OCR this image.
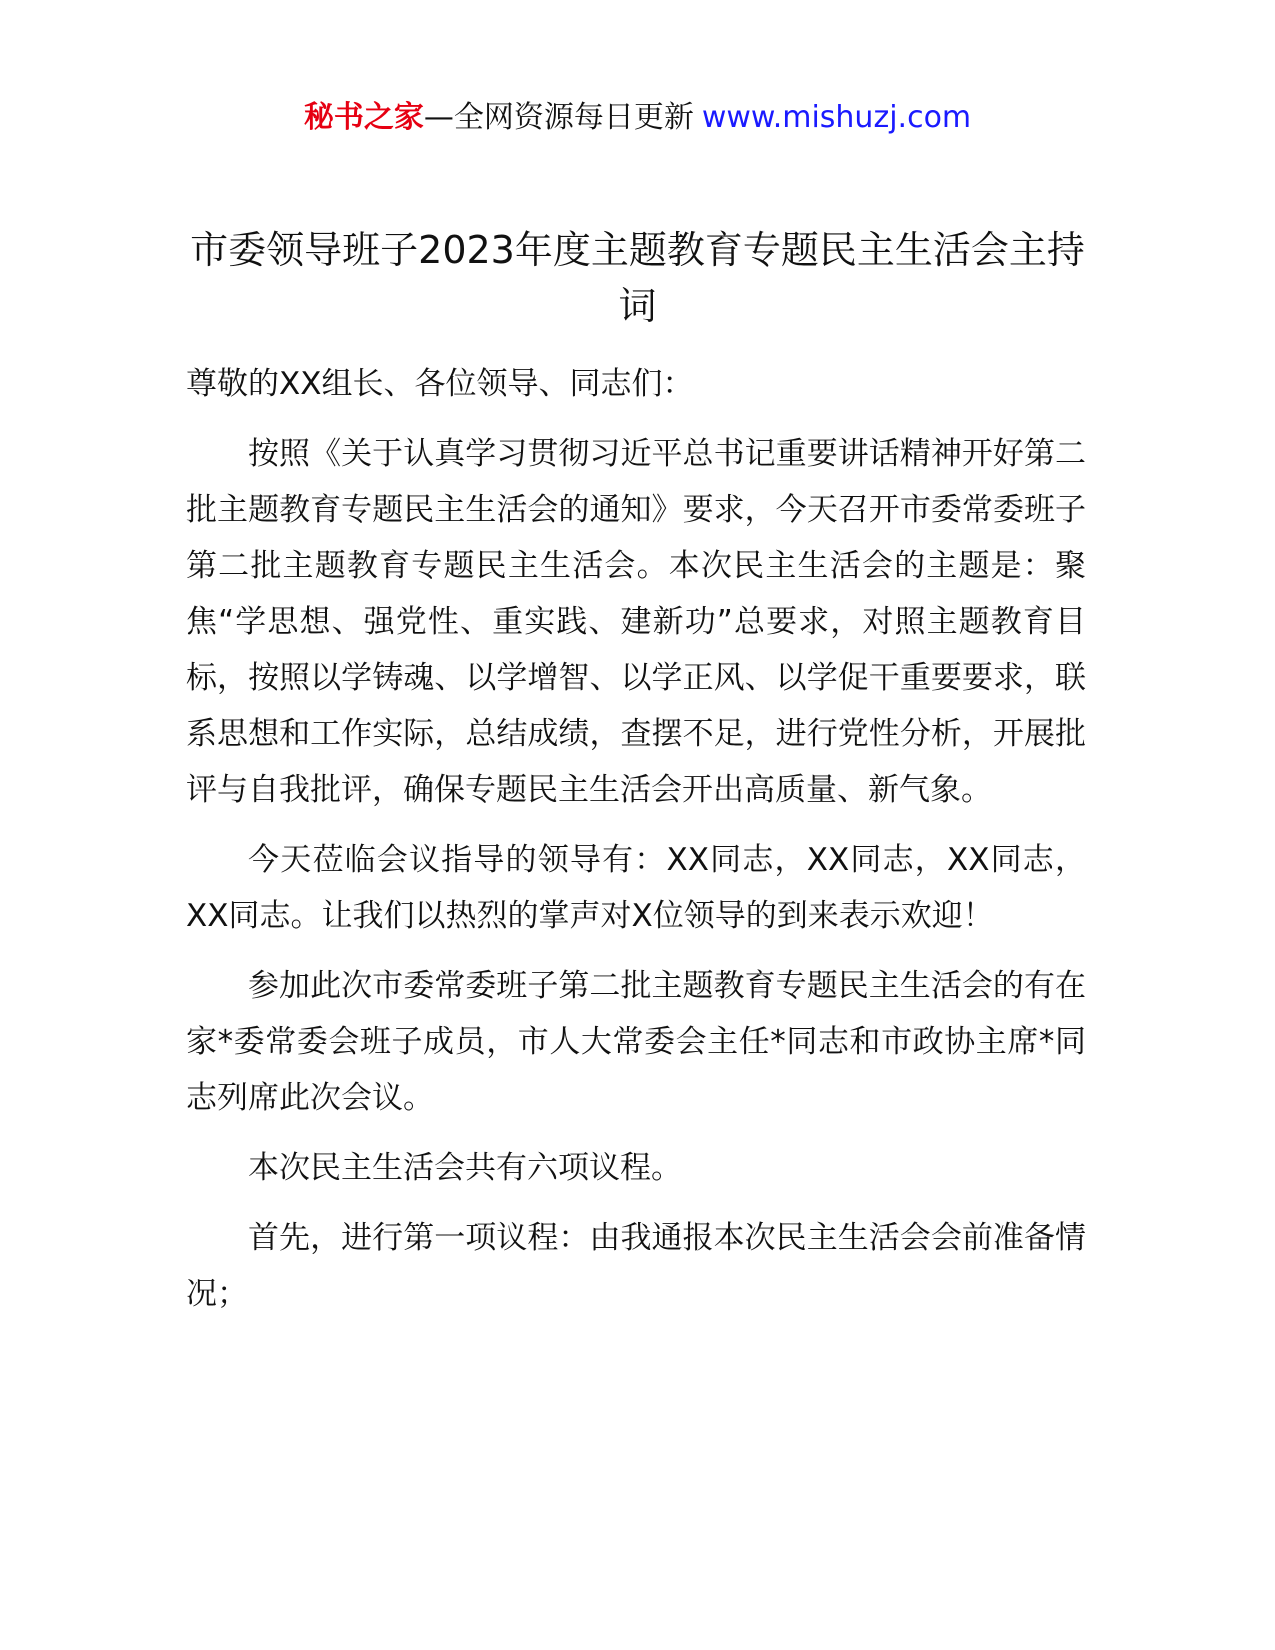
秘书之家—全网资源每日更新 www.mishuzj.com
市委领导班子2023年度主题教育专题民主生活会主持词

尊敬的XX组长、各位领导、同志们：

按照《关于认真学习贯彻习近平总书记重要讲话精神开好第二批主题教育专题民主生活会的通知》要求，今天召开市委常委班子第二批主题教育专题民主生活会。本次民主生活会的主题是：聚焦“学思想、强党性、重实践、建新功”总要求，对照主题教育目标，按照以学铸魂、以学增智、以学正风、以学促干重要要求，联系思想和工作实际，总结成绩，查摆不足，进行党性分析，开展批评与自我批评，确保专题民主生活会开出高质量、新气象。

今天莅临会议指导的领导有：XX同志，XX同志，XX同志，XX同志。让我们以热烈的掌声对X位领导的到来表示欢迎！

参加此次市委常委班子第二批主题教育专题民主生活会的有在家*委常委会班子成员，市人大常委会主任*同志和市政协主席*同志列席此次会议。

本次民主生活会共有六项议程。

首先，进行第一项议程：由我通报本次民主生活会会前准备情况；
